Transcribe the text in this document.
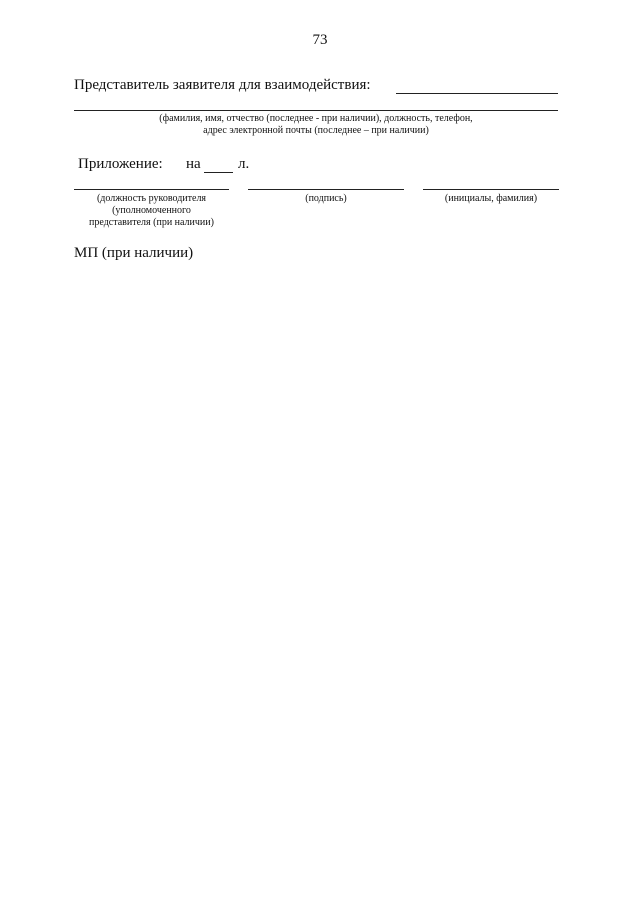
73
Представитель заявителя для взаимодействия:
(фамилия, имя, отчество (последнее - при наличии), должность, телефон,
адрес электронной почты (последнее – при наличии)
Приложение: на л.
(должность руководителя
(уполномоченного
представителя (при наличии)
(подпись)	(инициалы, фамилия)
МП (при наличии)
